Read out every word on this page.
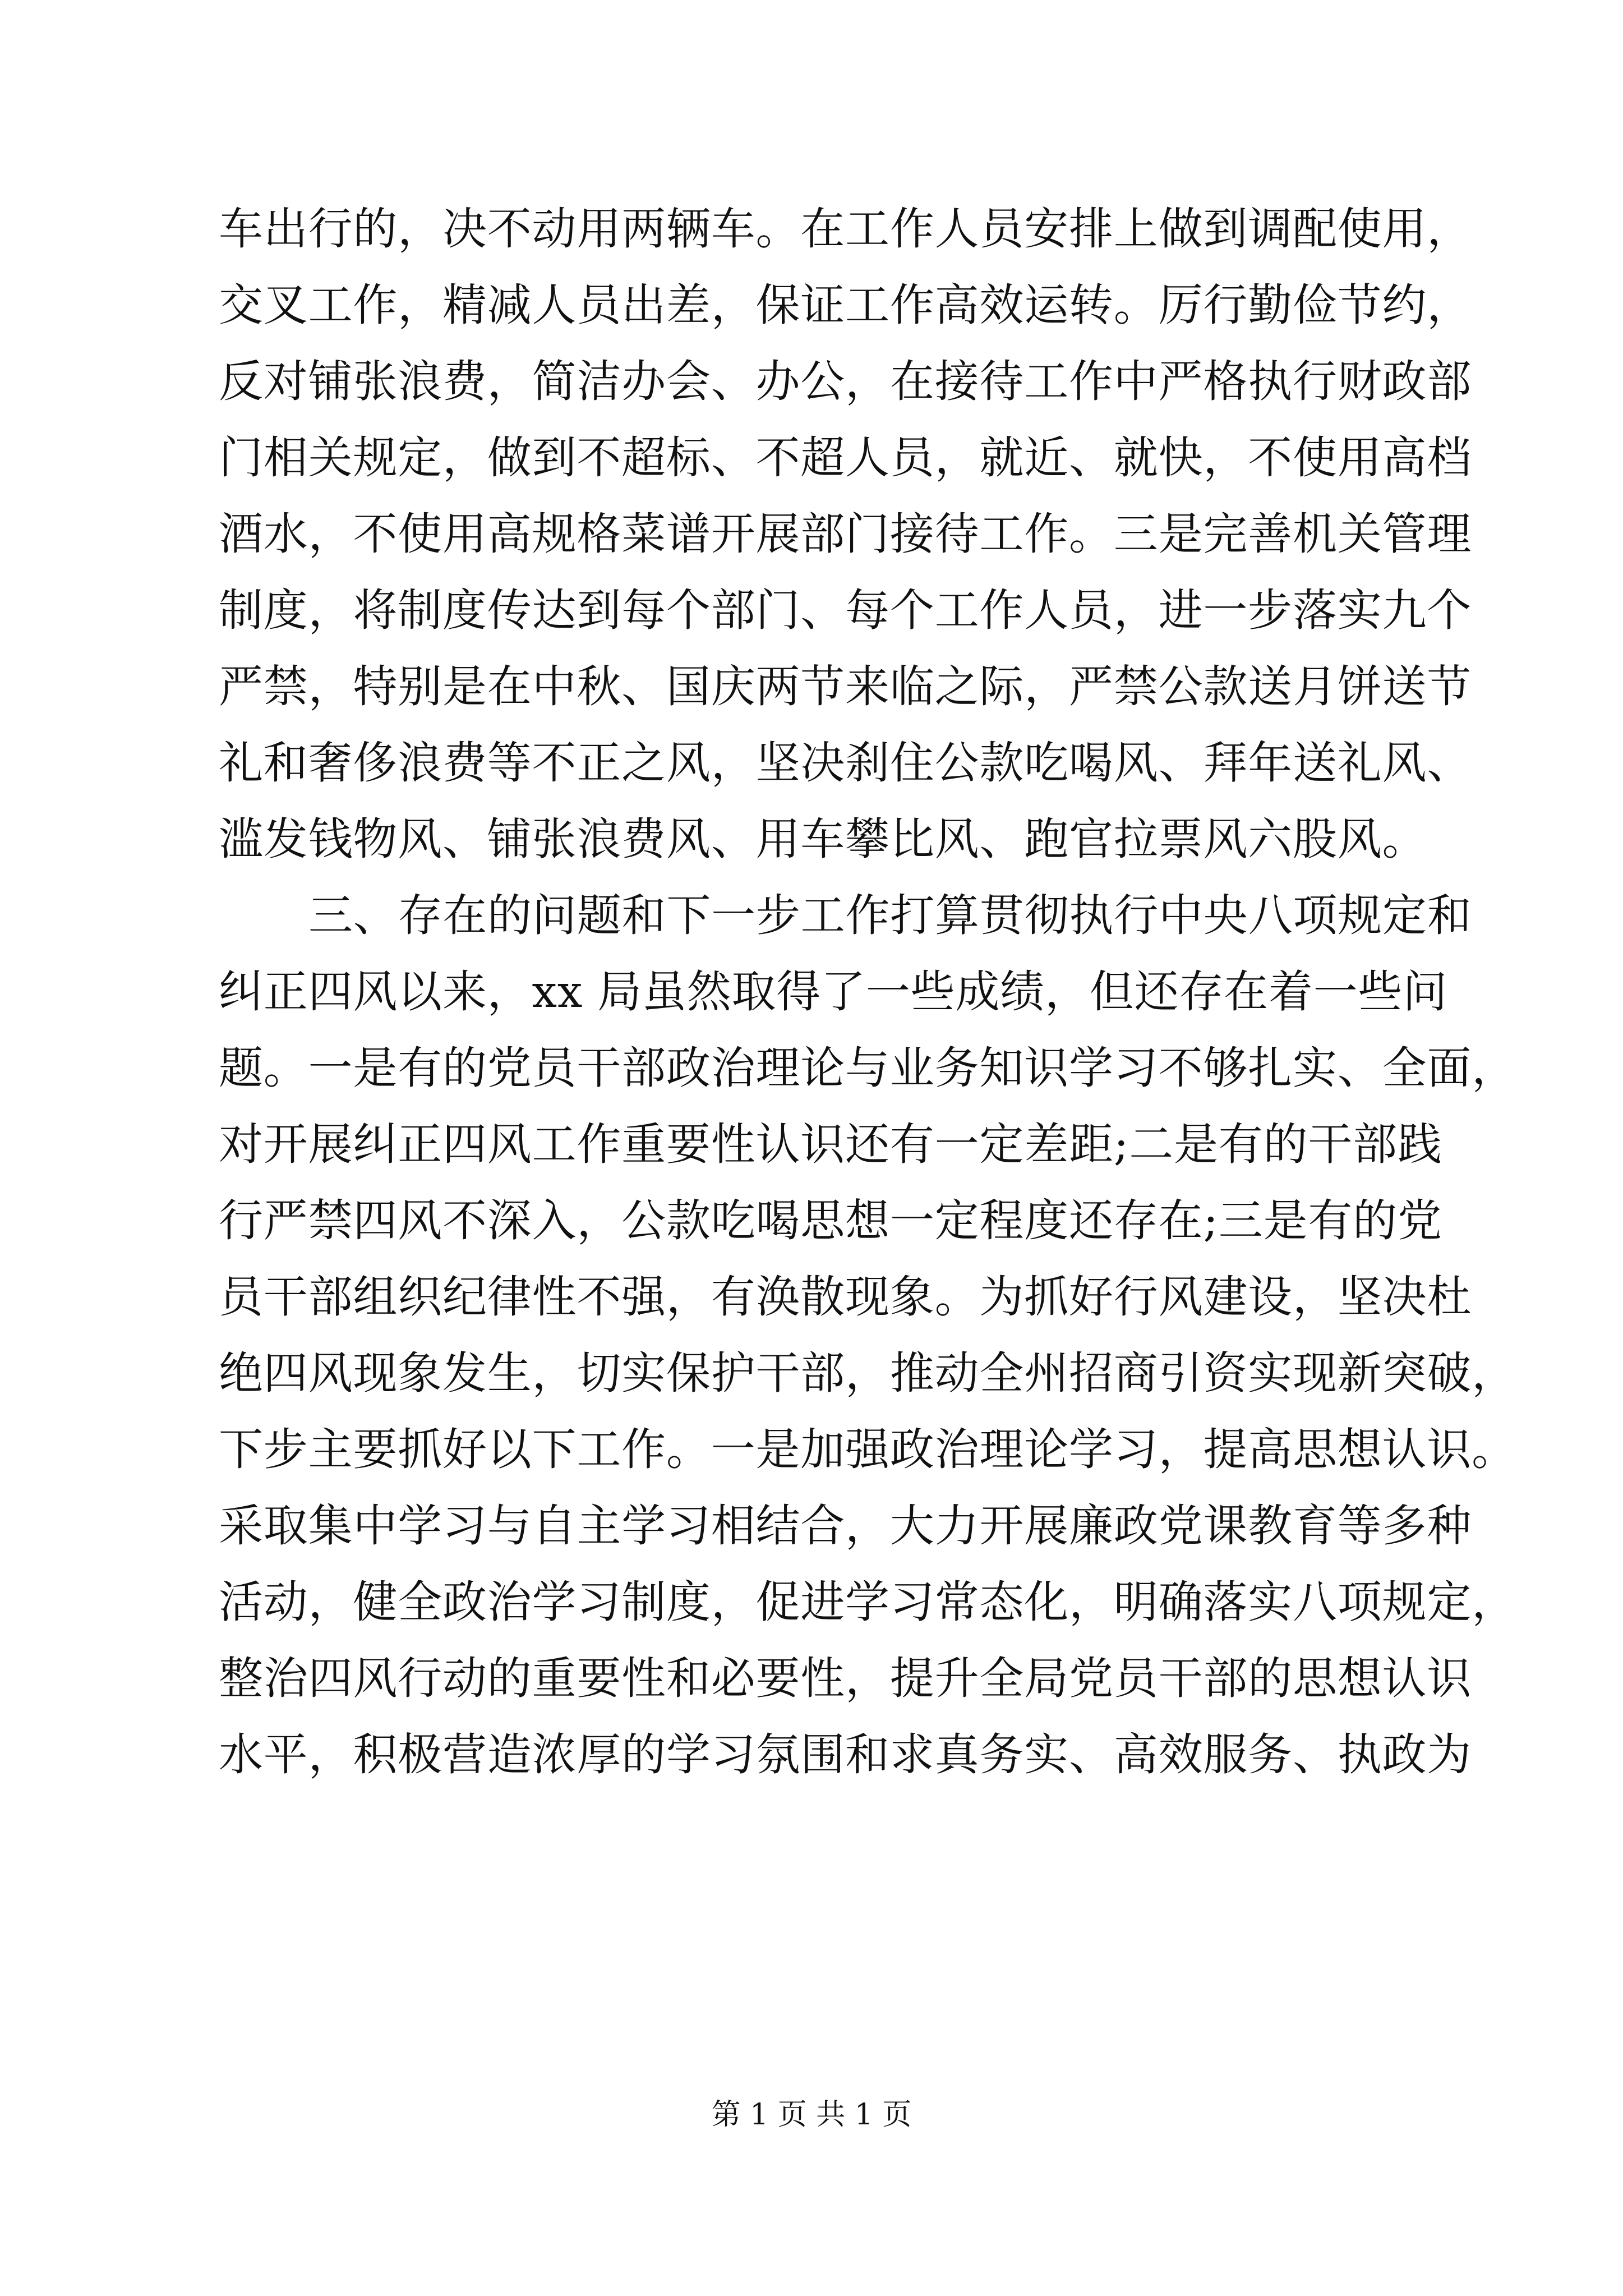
车出行的，决不动用两辆车。在工作人员安排上做到调配使用，
交叉工作，精减人员出差，保证工作高效运转。厉行勤俭节约，
反对铺张浪费，简洁办会、办公，在接待工作中严格执行财政部
门相关规定，做到不超标、不超人员，就近、就快，不使用高档
酒水，不使用高规格菜谱开展部门接待工作。三是完善机关管理
制度，将制度传达到每个部门、每个工作人员，进一步落实九个
严禁，特别是在中秋、国庆两节来临之际，严禁公款送月饼送节
礼和奢侈浪费等不正之风，坚决刹住公款吃喝风、拜年送礼风、
滥发钱物风、铺张浪费风、用车攀比风、跑官拉票风六股风。
三、存在的问题和下一步工作打算贯彻执行中央八项规定和
纠正四风以来，xx 局虽然取得了一些成绩，但还存在着一些问
题。一是有的党员干部政治理论与业务知识学习不够扎实、全面，
对开展纠正四风工作重要性认识还有一定差距;二是有的干部践
行严禁四风不深入，公款吃喝思想一定程度还存在;三是有的党
员干部组织纪律性不强，有涣散现象。为抓好行风建设，坚决杜
绝四风现象发生，切实保护干部，推动全州招商引资实现新突破，
下步主要抓好以下工作。一是加强政治理论学习，提高思想认识。
采取集中学习与自主学习相结合，大力开展廉政党课教育等多种
活动，健全政治学习制度，促进学习常态化，明确落实八项规定，
整治四风行动的重要性和必要性，提升全局党员干部的思想认识
水平，积极营造浓厚的学习氛围和求真务实、高效服务、执政为
第 1 页 共 1 页
